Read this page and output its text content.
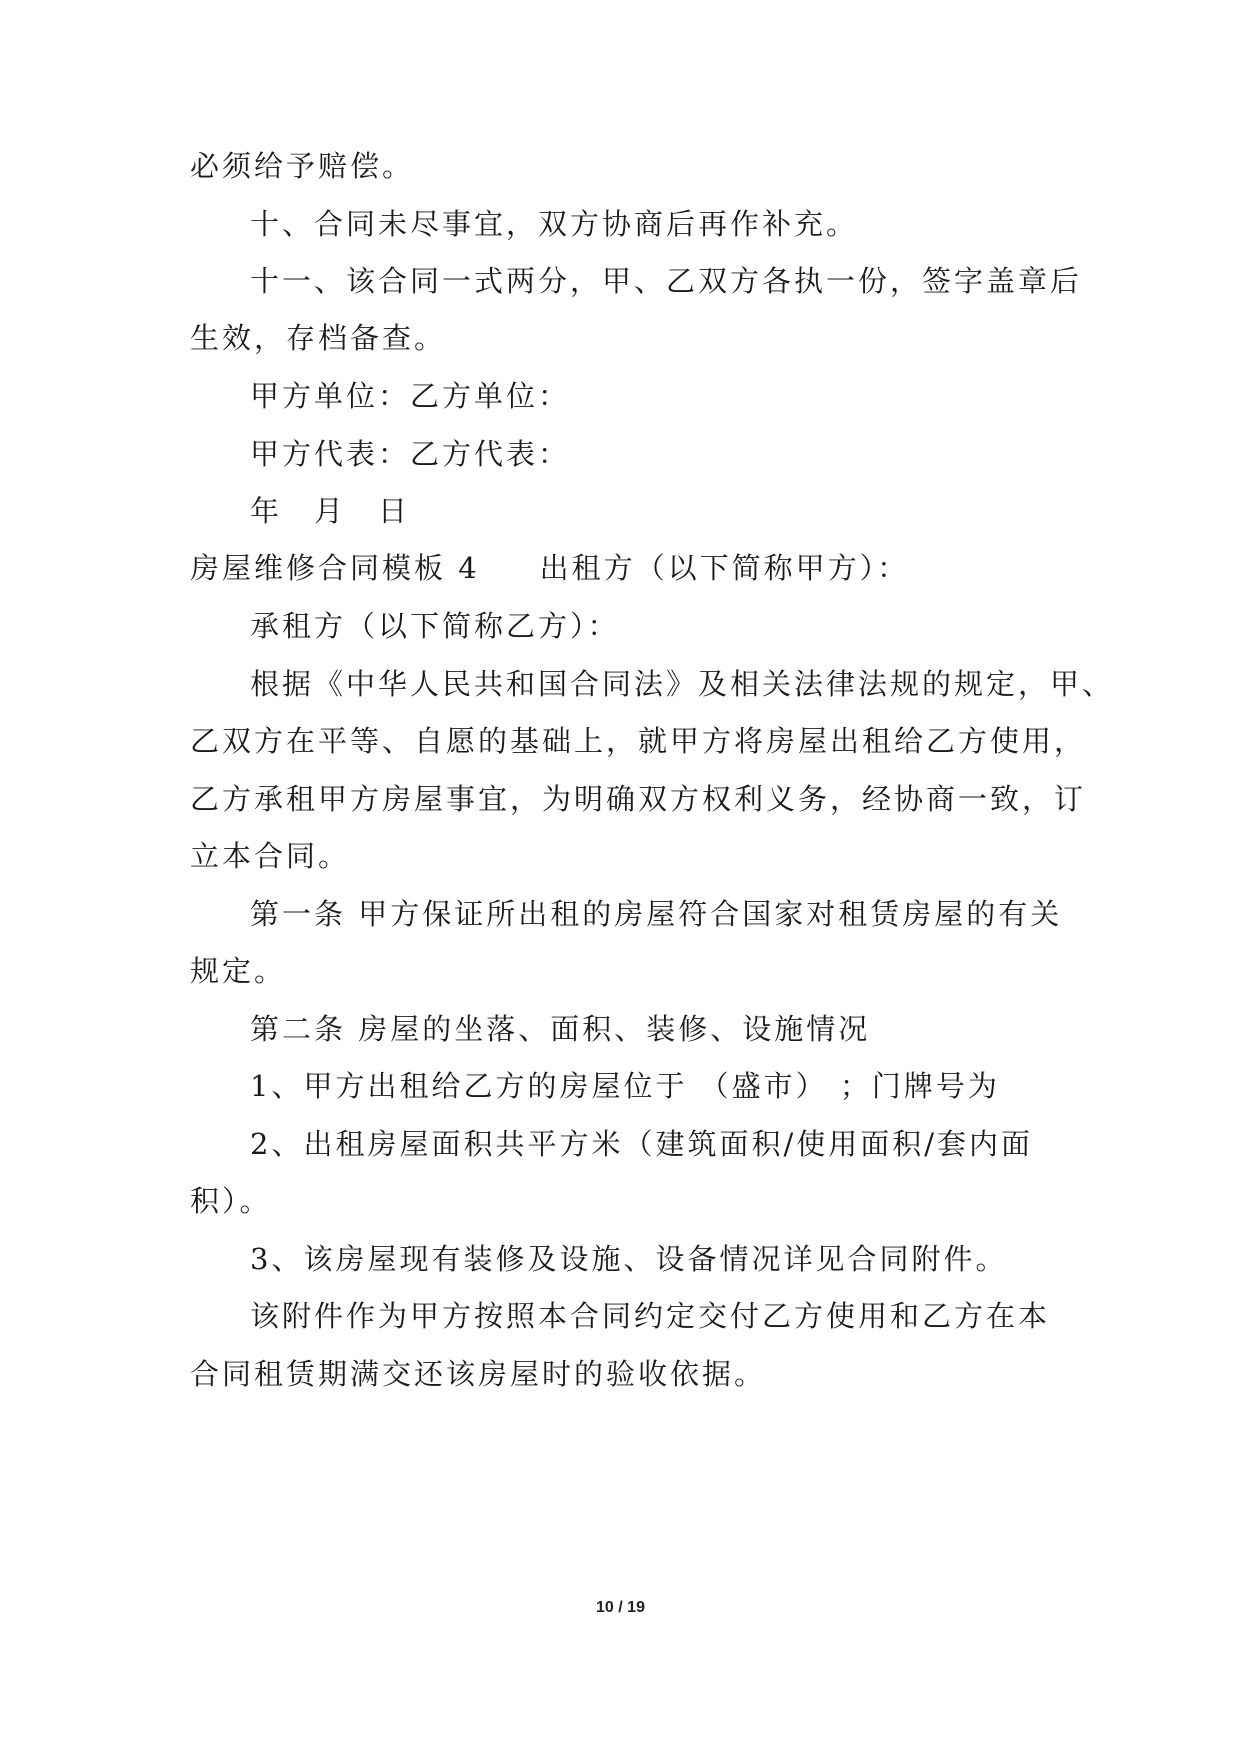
必须给予赔偿。

十、合同未尽事宜，双方协商后再作补充。

十一、该合同一式两分，甲、乙双方各执一份，签字盖章后

生效，存档备查。

甲方单位：乙方单位：

甲方代表：乙方代表：

年　月　日

房屋维修合同模板 4 出租方（以下简称甲方）：

承租方（以下简称乙方）：

根据《中华人民共和国合同法》及相关法律法规的规定，甲、

乙双方在平等、自愿的基础上，就甲方将房屋出租给乙方使用，

乙方承租甲方房屋事宜，为明确双方权利义务，经协商一致，订

立本合同。

第一条 甲方保证所出租的房屋符合国家对租赁房屋的有关

规定。

第二条 房屋的坐落、面积、装修、设施情况

1、甲方出租给乙方的房屋位于 （盛市） ；门牌号为

2、出租房屋面积共平方米（建筑面积/使用面积/套内面

积）。

3、该房屋现有装修及设施、设备情况详见合同附件。

该附件作为甲方按照本合同约定交付乙方使用和乙方在本

合同租赁期满交还该房屋时的验收依据。

10 / 19
